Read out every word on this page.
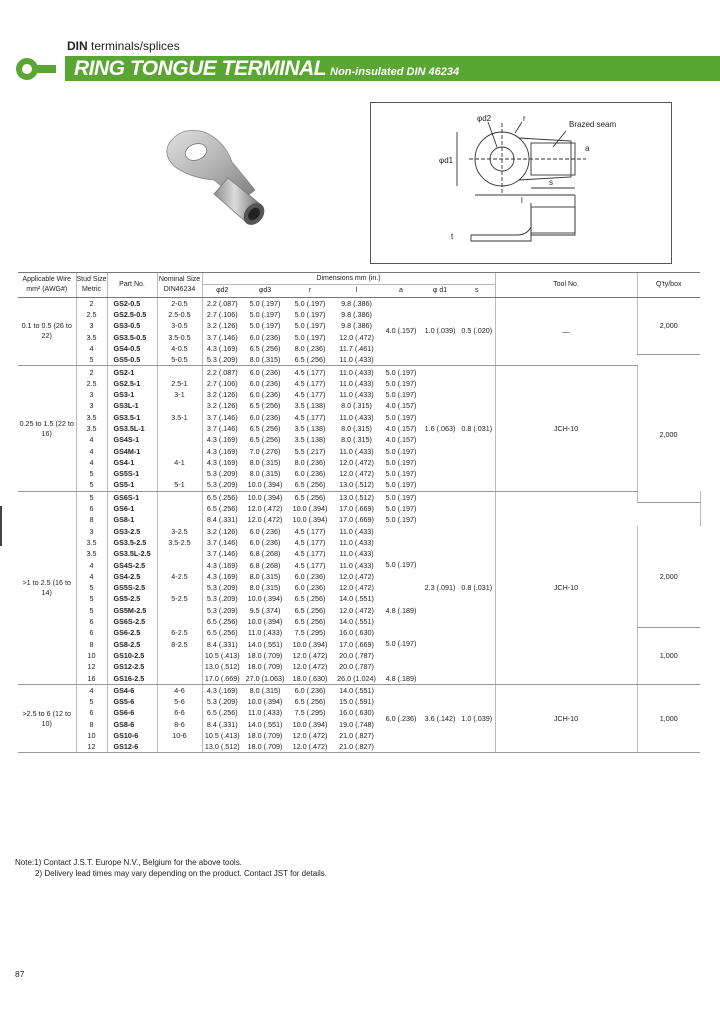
DIN terminals/splices
RING TONGUE TERMINAL Non-insulated DIN 46234
Brazed seam
φd2	r
φd1
s
a
l
t
Applicable Wire mm² (AWG#)	Stud Size Metric	Part No.	Nominal Size DIN46234	Dimensions mm (in.)							Tool No.	Q'ty/box	
				φd2	φd3	r	l	a	φ d1	s			
0.1 to 0.5 (26 to 22)	2	GS2-0.5	2-0.5	2.2 (.087)	5.0 (.197)	5.0 (.197)	9.8 (.386)	4.0 (.157)	1.0 (.039)	0.5 (.020)	—	2,000	
	2.5	GS2.5-0.5	2.5-0.5	2.7 (.106)	5.0 (.197)	5.0 (.197)	9.8 (.386)						
	3	GS3-0.5	3-0.5	3.2 (.126)	5.0 (.197)	5.0 (.197)	9.8 (.386)						
	3.5	GS3.5-0.5	3.5-0.5	3.7 (.146)	6.0 (.236)	5.0 (.197)	12.0 (.472)						
	4	GS4-0.5	4-0.5	4.3 (.169)	6.5 (.256)	8.0 (.236)	11.7 (.461)						
	5	GS5-0.5	5-0.5	5.3 (.209)	8.0 (.315)	6.5 (.256)	11.0 (.433)						
0.25 to 1.5 (22 to 16)	2	GS2-1		2.2 (.087)	6.0 (.236)	4.5 (.177)	11.0 (.433)	5.0 (.197)	1.6 (.063)	0.8 (.031)	JCH-10	2,000	
	2.5	GS2.5-1	2.5-1	2.7 (.106)	6.0 (.236)	4.5 (.177)	11.0 (.433)	5.0 (.197)					
	3	GS3-1	3-1	3.2 (.126)	6.0 (.236)	4.5 (.177)	11.0 (.433)	5.0 (.197)					
	3	GS3L-1		3.2 (.126)	6.5 (.256)	3.5 (.138)	8.0 (.315)	4.0 (.157)					
	3.5	GS3.5-1	3.5-1	3.7 (.146)	6.0 (.236)	4.5 (.177)	11.0 (.433)	5.0 (.197)					
	3.5	GS3.5L-1		3.7 (.146)	6.5 (.256)	3.5 (.138)	8.0 (.315)	4.0 (.157)					
	4	GS4S-1		4.3 (.169)	6.5 (.256)	3.5 (.138)	8.0 (.315)	4.0 (.157)					
	4	GS4M-1		4.3 (.169)	7.0 (.276)	5.5 (.217)	11.0 (.433)	5.0 (.197)					
	4	GS4-1	4-1	4.3 (.169)	8.0 (.315)	8.0 (.236)	12.0 (.472)	5.0 (.197)					
	5	GS5S-1		5.3 (.209)	8.0 (.315)	6.0 (.236)	12.0 (.472)	5.0 (.197)					
	5	GS5-1	5-1	5.3 (.209)	10.0 (.394)	6.5 (.256)	13.0 (.512)	5.0 (.197)					
>1 to 2.5 (16 to 14)	5	GS6S-1		6.5 (.256)	10.0 (.394)	6.5 (.256)	13.0 (.512)	5.0 (.197)	2.3 (.091)	0.8 (.031)	JCH-10	
	6	GS6-1		6.5 (.256)	12.0 (.472)	10.0 (.394)	17.0 (.669)	5.0 (.197)					
	8	GS8-1		8.4 (.331)	12.0 (.472)	10.0 (.394)	17.0 (.669)	5.0 (.197)					
	3	GS3-2.5	3-2.5	3.2 (.126)	6.0 (.236)	4.5 (.177)	11.0 (.433)	5.0 (.197)				2,000	
	3.5	GS3.5-2.5	3.5-2.5	3.7 (.146)	6.0 (.236)	4.5 (.177)	11.0 (.433)						
	3.5	GS3.5L-2.5		3.7 (.146)	6.8 (.268)	4.5 (.177)	11.0 (.433)						
	4	GS4S-2.5		4.3 (.169)	6.8 (.268)	4.5 (.177)	11.0 (.433)						
	4	GS4-2.5	4-2.5	4.3 (.169)	8.0 (.315)	6.0 (.236)	12.0 (.472)						
	5	GS5S-2.5		5.3 (.209)	8.0 (.315)	6.0 (.236)	12.0 (.472)						
	5	GS5-2.5	5-2.5	5.3 (.209)	10.0 (.394)	6.5 (.256)	14.0 (.551)						
	5	GS5M-2.5		5.3 (.209)	9.5 (.374)	6.5 (.256)	12.0 (.472)	4.8 (.189)					
	6	GS6S-2.5		6.5 (.256)	10.0 (.394)	6.5 (.256)	14.0 (.551)	5.0 (.197)					
	6	GS6-2.5	6-2.5	6.5 (.256)	11.0 (.433)	7.5 (.295)	16.0 (.630)					1,000	
	8	GS8-2.5	8-2.5	8.4 (.331)	14.0 (.551)	10.0 (.394)	17.0 (.669)						
	10	GS10-2.5		10.5 (.413)	18.0 (.709)	12.0 (.472)	20.0 (.787)						
	12	GS12-2.5		13.0 (.512)	18.0 (.709)	12.0 (.472)	20.0 (.787)						
	16	GS16-2.5		17.0 (.669)	27.0 (1.063)	18.0 (.630)	26.0 (1.024)	4.8 (.189)					
>2.5 to 6 (12 to 10)	4	GS4-6	4-6	4.3 (.169)	8.0 (.315)	6.0 (.236)	14.0 (.551)	6.0 (.236)	3.6 (.142)	1.0 (.039)	JCH-10	1,000	
	5	GS5-6	5-6	5.3 (.209)	10.0 (.394)	6.5 (.256)	15.0 (.591)						
	6	GS6-6	6-6	6.5 (.256)	11.0 (.433)	7.5 (.295)	16.0 (.630)						
	8	GS8-6	8-6	8.4 (.331)	14.0 (.551)	10.0 (.394)	19.0 (.748)						
	10	GS10-6	10-6	10.5 (.413)	18.0 (.709)	12.0 (.472)	21.0 (.827)						
	12	GS12-6		13.0 (.512)	18.0 (.709)	12.0 (.472)	21.0 (.827)						
Note:1) Contact J.S.T. Europe N.V., Belgium for the above tools.
2) Delivery lead times may vary depending on the product. Contact JST for details.
87
